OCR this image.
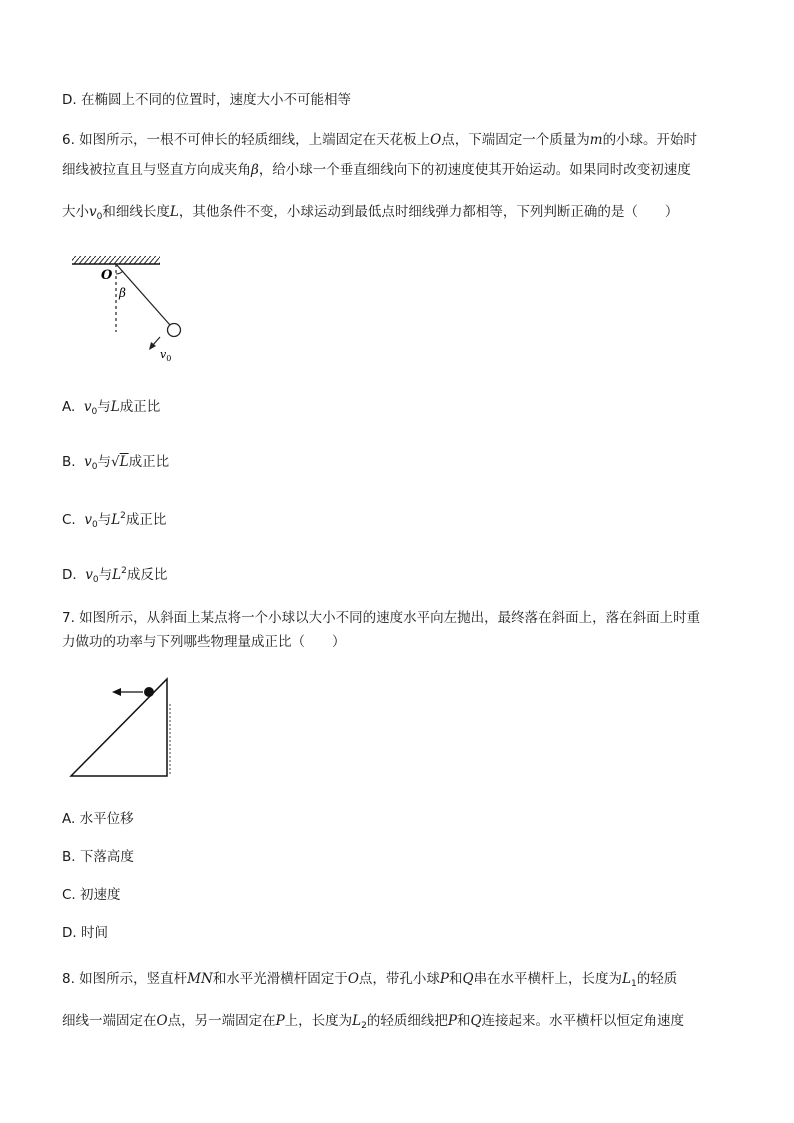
D. 在椭圆上不同的位置时，速度大小不可能相等
6. 如图所示，一根不可伸长的轻质细线，上端固定在天花板上O点，下端固定一个质量为m的小球。开始时
细线被拉直且与竖直方向成夹角β，给小球一个垂直细线向下的初速度使其开始运动。如果同时改变初速度
大小$v_0$和细线长度L，其他条件不变，小球运动到最低点时细线弹力都相等，下列判断正确的是（　　）
O
β
$v_0$
A. $v_0$与L成正比
B. $v_0$与√L成正比
C. $v_0$与$L^2$成正比
D. $v_0$与$L^2$成反比
7. 如图所示，从斜面上某点将一个小球以大小不同的速度水平向左抛出，最终落在斜面上，落在斜面上时重
力做功的功率与下列哪些物理量成正比（　　）
A. 水平位移
B. 下落高度
C. 初速度
D. 时间
8. 如图所示，竖直杆MN和水平光滑横杆固定于O点，带孔小球P和Q串在水平横杆上，长度为$L_1$的轻质
细线一端固定在O点，另一端固定在P上，长度为$L_2$的轻质细线把P和Q连接起来。水平横杆以恒定角速度
